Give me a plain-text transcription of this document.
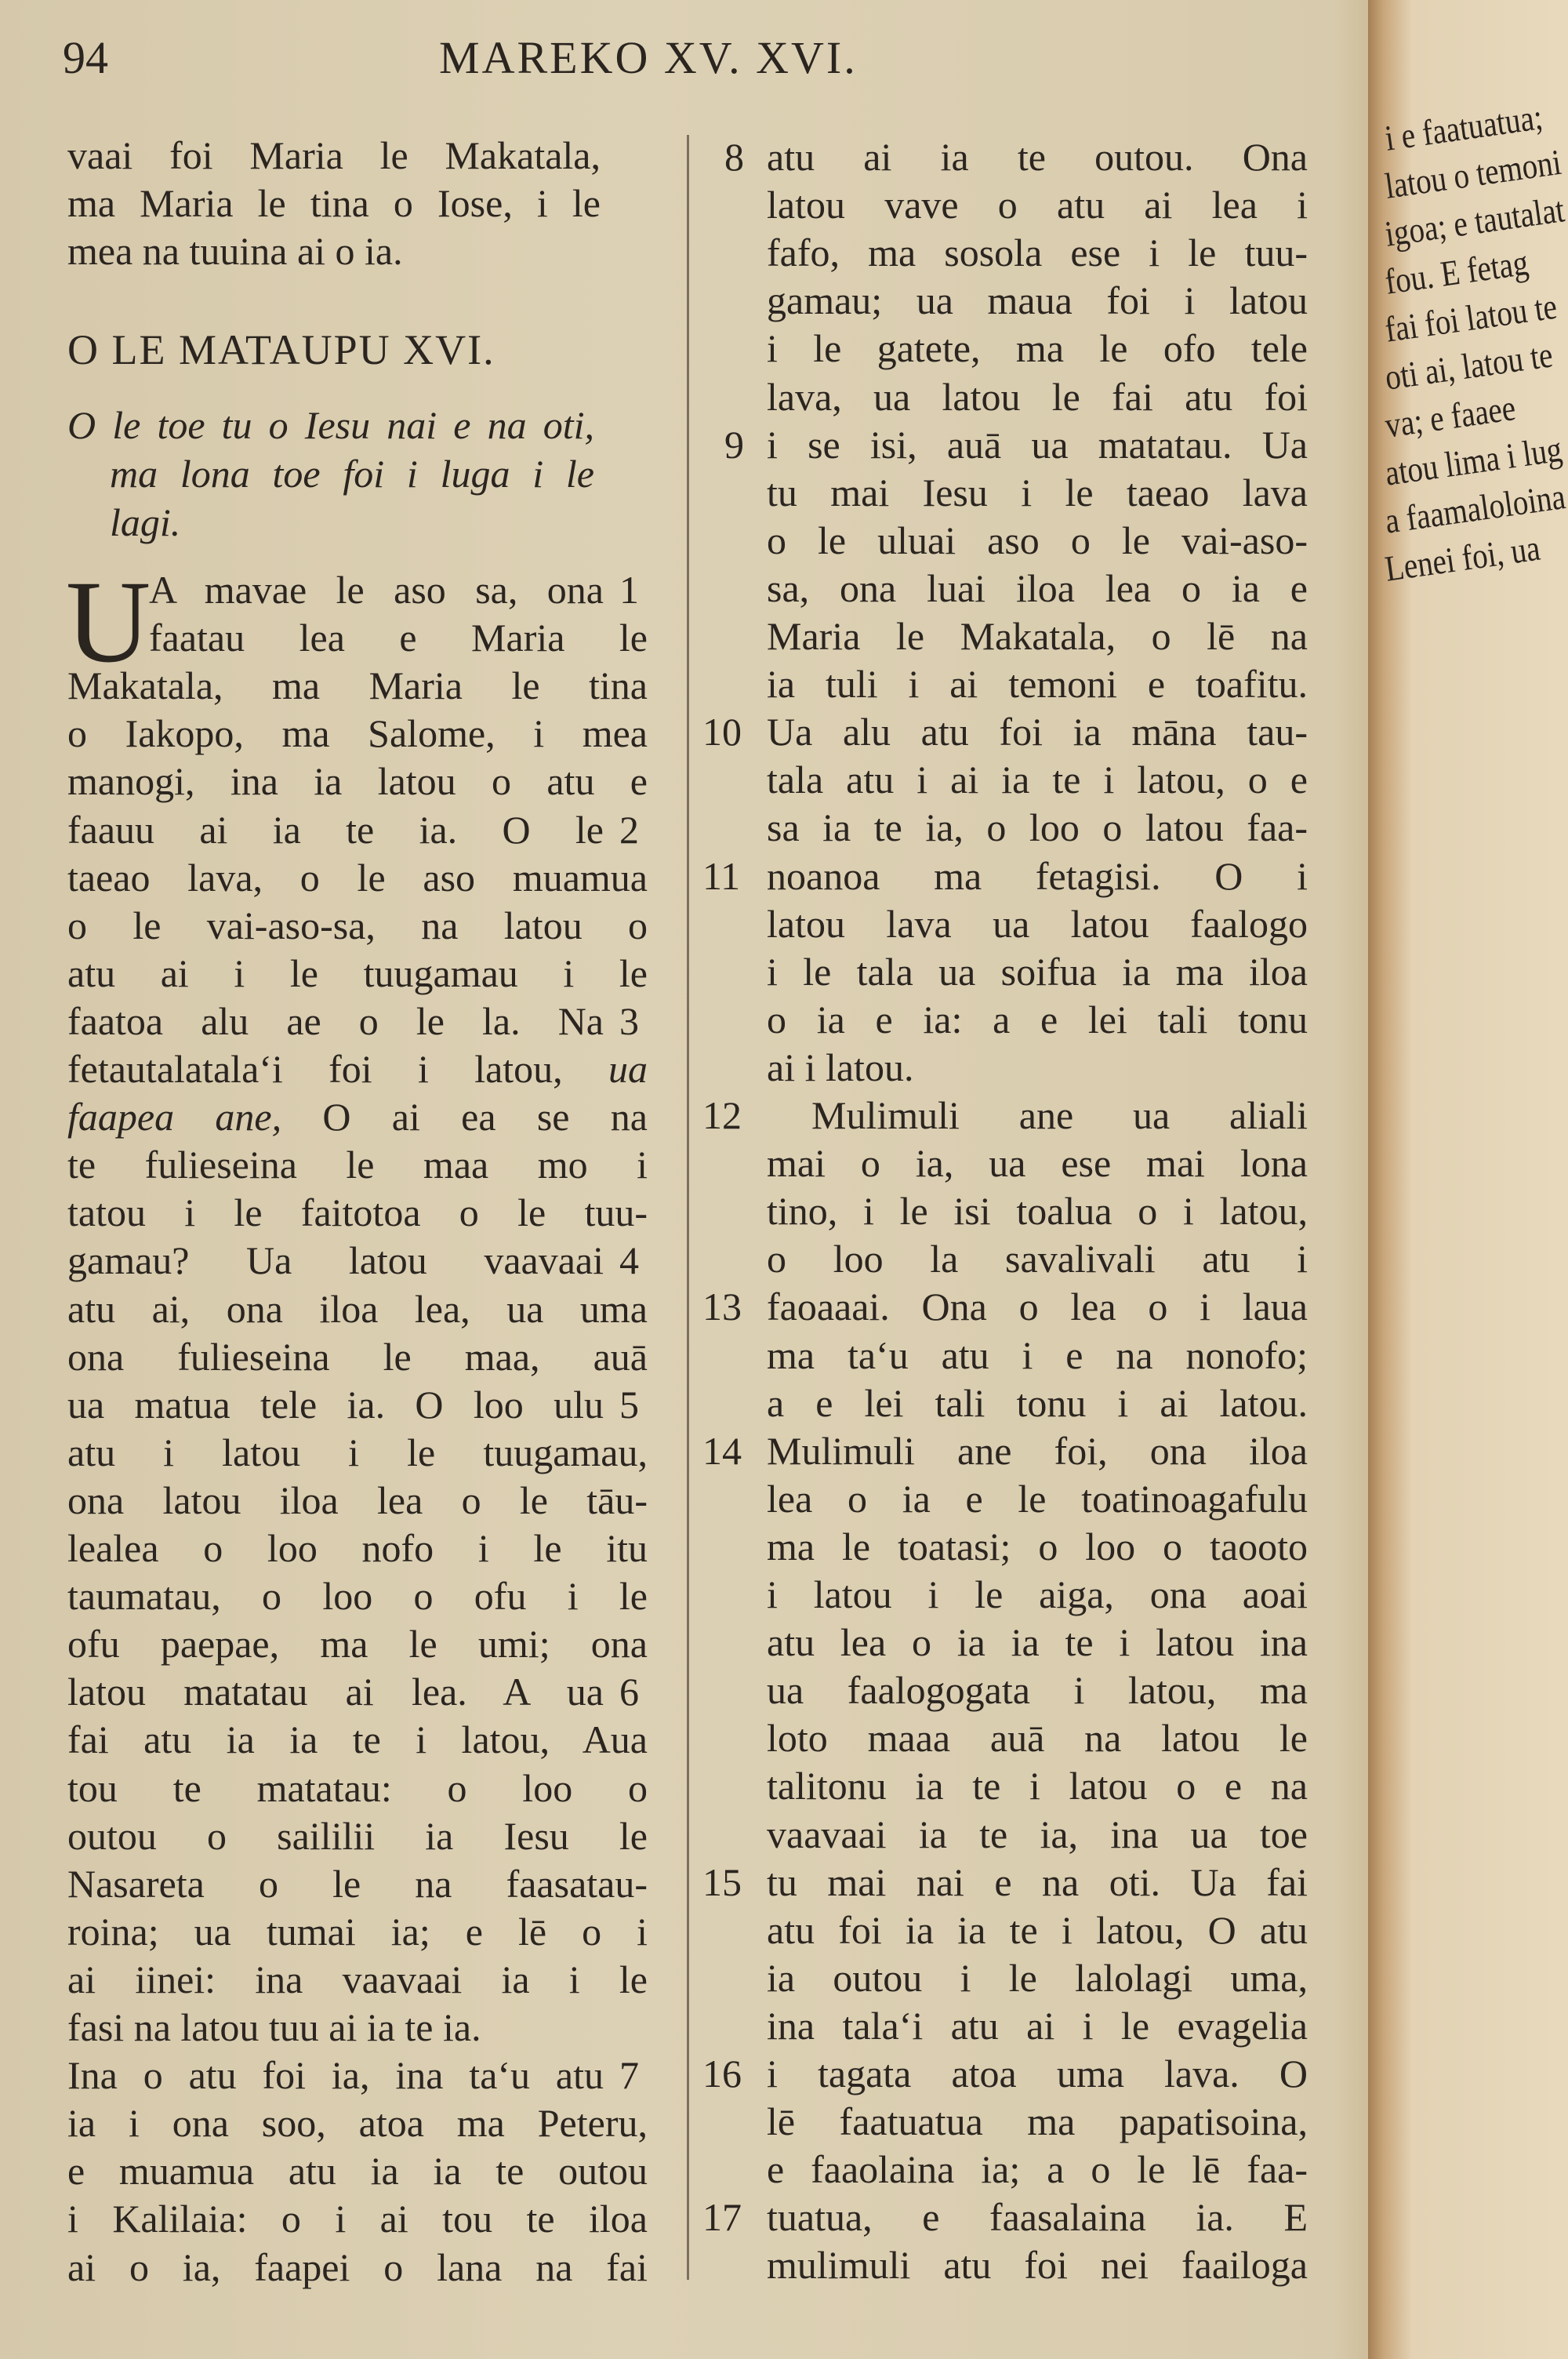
94	MAREKO XV. XVI.
vaai foi Maria le Makatala,
ma Maria le tina o Iose, i le
mea na tuuina ai o ia.
O le toe tu o Iesu nai e na oti,
ma lona toe foi i luga i le
lagi.
A mavae le aso sa, ona 1
faatau lea e Maria le
Makatala, ma Maria le tina
o Iakopo, ma Salome, i mea
manogi, ina ia latou o atu e
faauu ai ia te ia. O le 2
taeao lava, o le aso muamua
o le vai-aso-sa, na latou o
atu ai i le tuugamau i le
faatoa alu ae o le la. Na 3
fetautalatalaʻi foi i latou, ua
faapea ane, O ai ea se na
te fulieseina le maa mo i
tatou i le faitotoa o le tuu-
gamau? Ua latou vaavaai 4
atu ai, ona iloa lea, ua uma
ona fulieseina le maa, auā
ua matua tele ia. O loo ulu 5
atu i latou i le tuugamau,
ona latou iloa lea o le tāu-
lealea o loo nofo i le itu
taumatau, o loo o ofu i le
ofu paepae, ma le umi; ona
latou matatau ai lea. A ua 6
fai atu ia ia te i latou, Aua
tou te matatau: o loo o
outou o saililii ia Iesu le
Nasareta o le na faasatau-
roina; ua tumai ia; e lē o i
ai iinei: ina vaavaai ia i le
fasi na latou tuu ai ia te ia.
Ina o atu foi ia, ina taʻu atu 7
ia i ona soo, atoa ma Peteru,
e muamua atu ia ia te outou
i Kalilaia: o i ai tou te iloa
ai o ia, faapei o lana na fai
O LE MATAUPU XVI.
U
atu ai ia te outou. Ona
8
latou vave o atu ai lea i
fafo, ma sosola ese i le tuu-
gamau; ua maua foi i latou
i le gatete, ma le ofo tele
lava, ua latou le fai atu foi
i se isi, auā ua matatau. Ua
9
tu mai Iesu i le taeao lava
o le uluai aso o le vai-aso-
sa, ona luai iloa lea o ia e
Maria le Makatala, o lē na
ia tuli i ai temoni e toafitu.
Ua alu atu foi ia māna tau-
10
tala atu i ai ia te i latou, o e
sa ia te ia, o loo o latou faa-
noanoa ma fetagisi. O i
11
latou lava ua latou faalogo
i le tala ua soifua ia ma iloa
o ia e ia: a e lei tali tonu
ai i latou.
Mulimuli ane ua aliali
12
mai o ia, ua ese mai lona
tino, i le isi toalua o i latou,
o loo la savalivali atu i
faoaaai. Ona o lea o i laua
13
ma taʻu atu i e na nonofo;
a e lei tali tonu i ai latou.
Mulimuli ane foi, ona iloa
14
lea o ia e le toatinoagafulu
ma le toatasi; o loo o taooto
i latou i le aiga, ona aoai
atu lea o ia ia te i latou ina
ua faalogogata i latou, ma
loto maaa auā na latou le
talitonu ia te i latou o e na
vaavaai ia te ia, ina ua toe
tu mai nai e na oti. Ua fai
15
atu foi ia ia te i latou, O atu
ia outou i le lalolagi uma,
ina talaʻi atu ai i le evagelia
i tagata atoa uma lava. O
16
lē faatuatua ma papatisoina,
e faaolaina ia; a o le lē faa-
tuatua, e faasalaina ia. E
17
mulimuli atu foi nei faailoga
i e faatuatua;
latou o temoni
igoa; e tautalat
fou. E fetag
fai foi latou te
oti ai, latou te
va; e faaee
atou lima i lug
a faamaloloina
Lenei foi, ua
